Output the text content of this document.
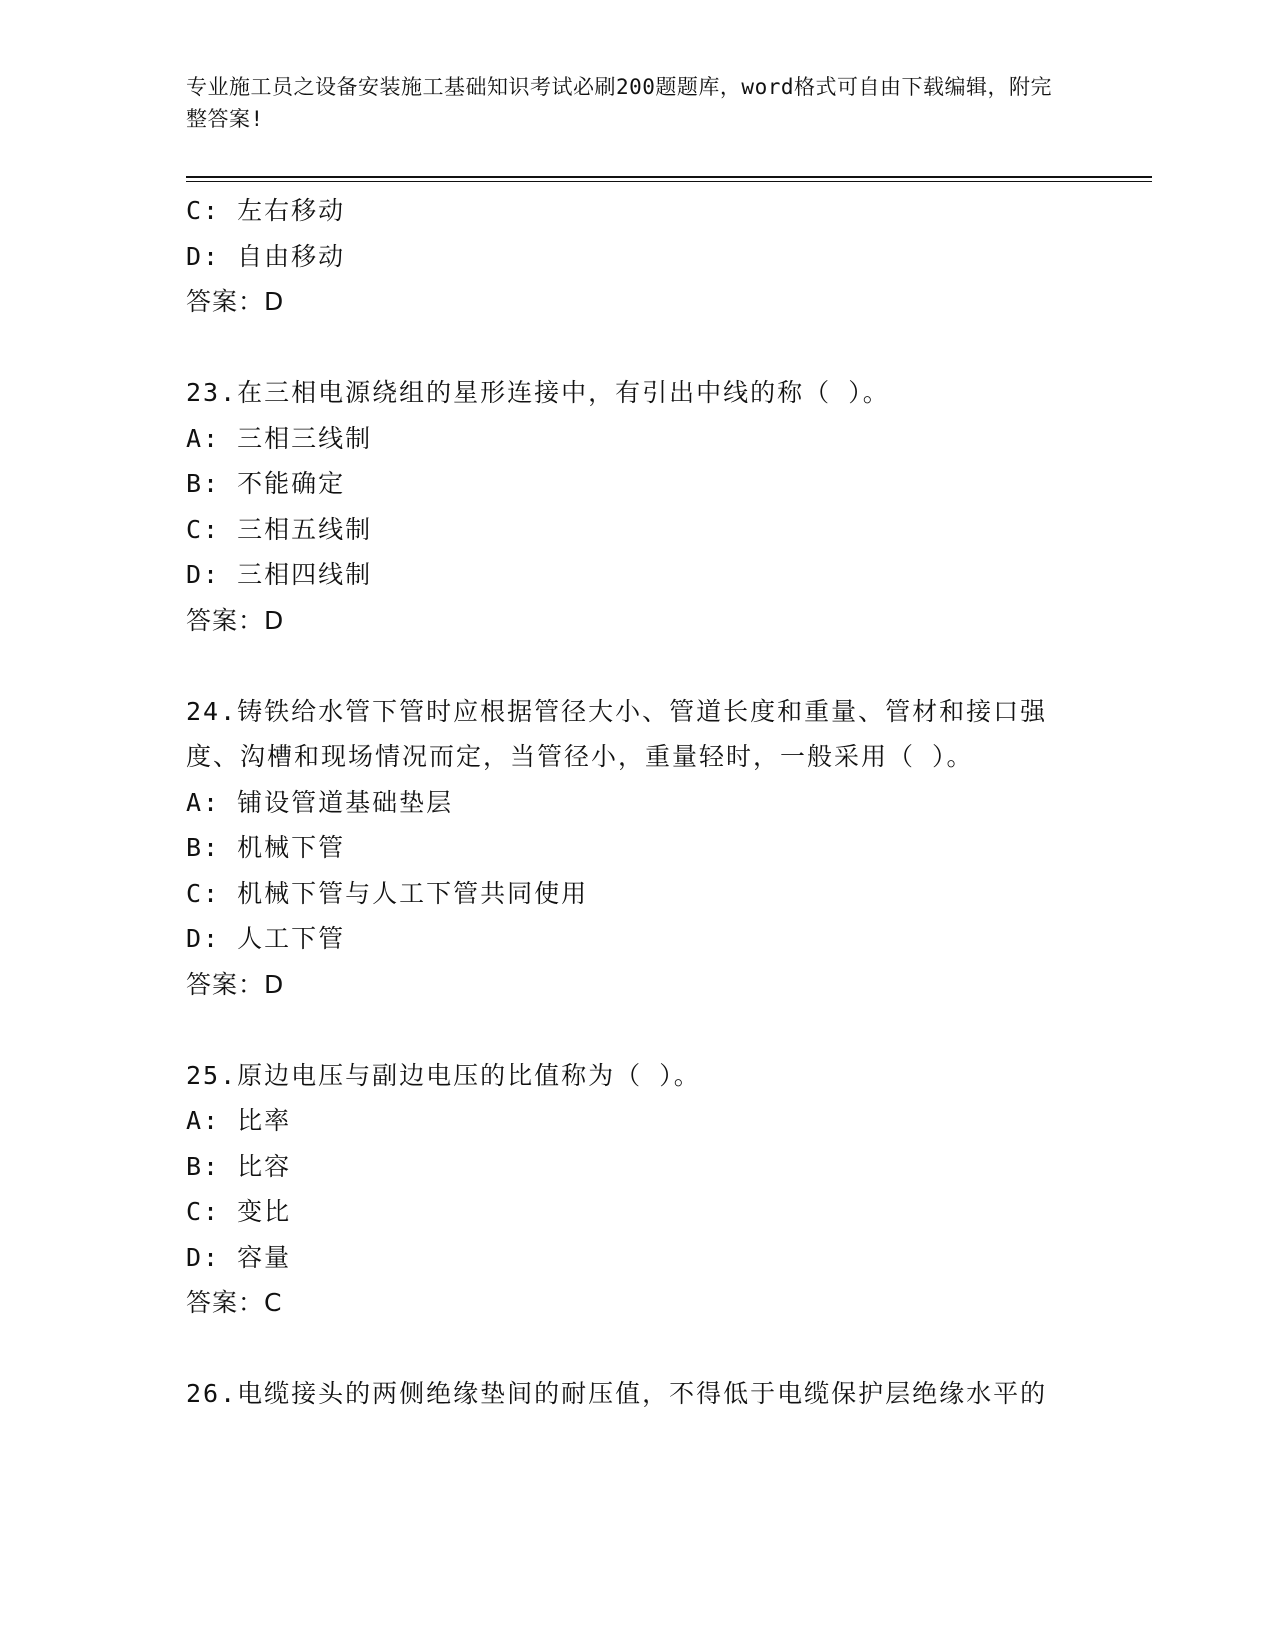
专业施工员之设备安装施工基础知识考试必刷200题题库，word格式可自由下载编辑，附完整答案!
C: 左右移动
D: 自由移动
答案：D
23.在三相电源绕组的星形连接中，有引出中线的称（ ）。
A: 三相三线制
B: 不能确定
C: 三相五线制
D: 三相四线制
答案：D
24.铸铁给水管下管时应根据管径大小、管道长度和重量、管材和接口强度、沟槽和现场情况而定，当管径小，重量轻时，一般采用（ ）。
A: 铺设管道基础垫层
B: 机械下管
C: 机械下管与人工下管共同使用
D: 人工下管
答案：D
25.原边电压与副边电压的比值称为（ ）。
A: 比率
B: 比容
C: 变比
D: 容量
答案：C
26.电缆接头的两侧绝缘垫间的耐压值，不得低于电缆保护层绝缘水平的
